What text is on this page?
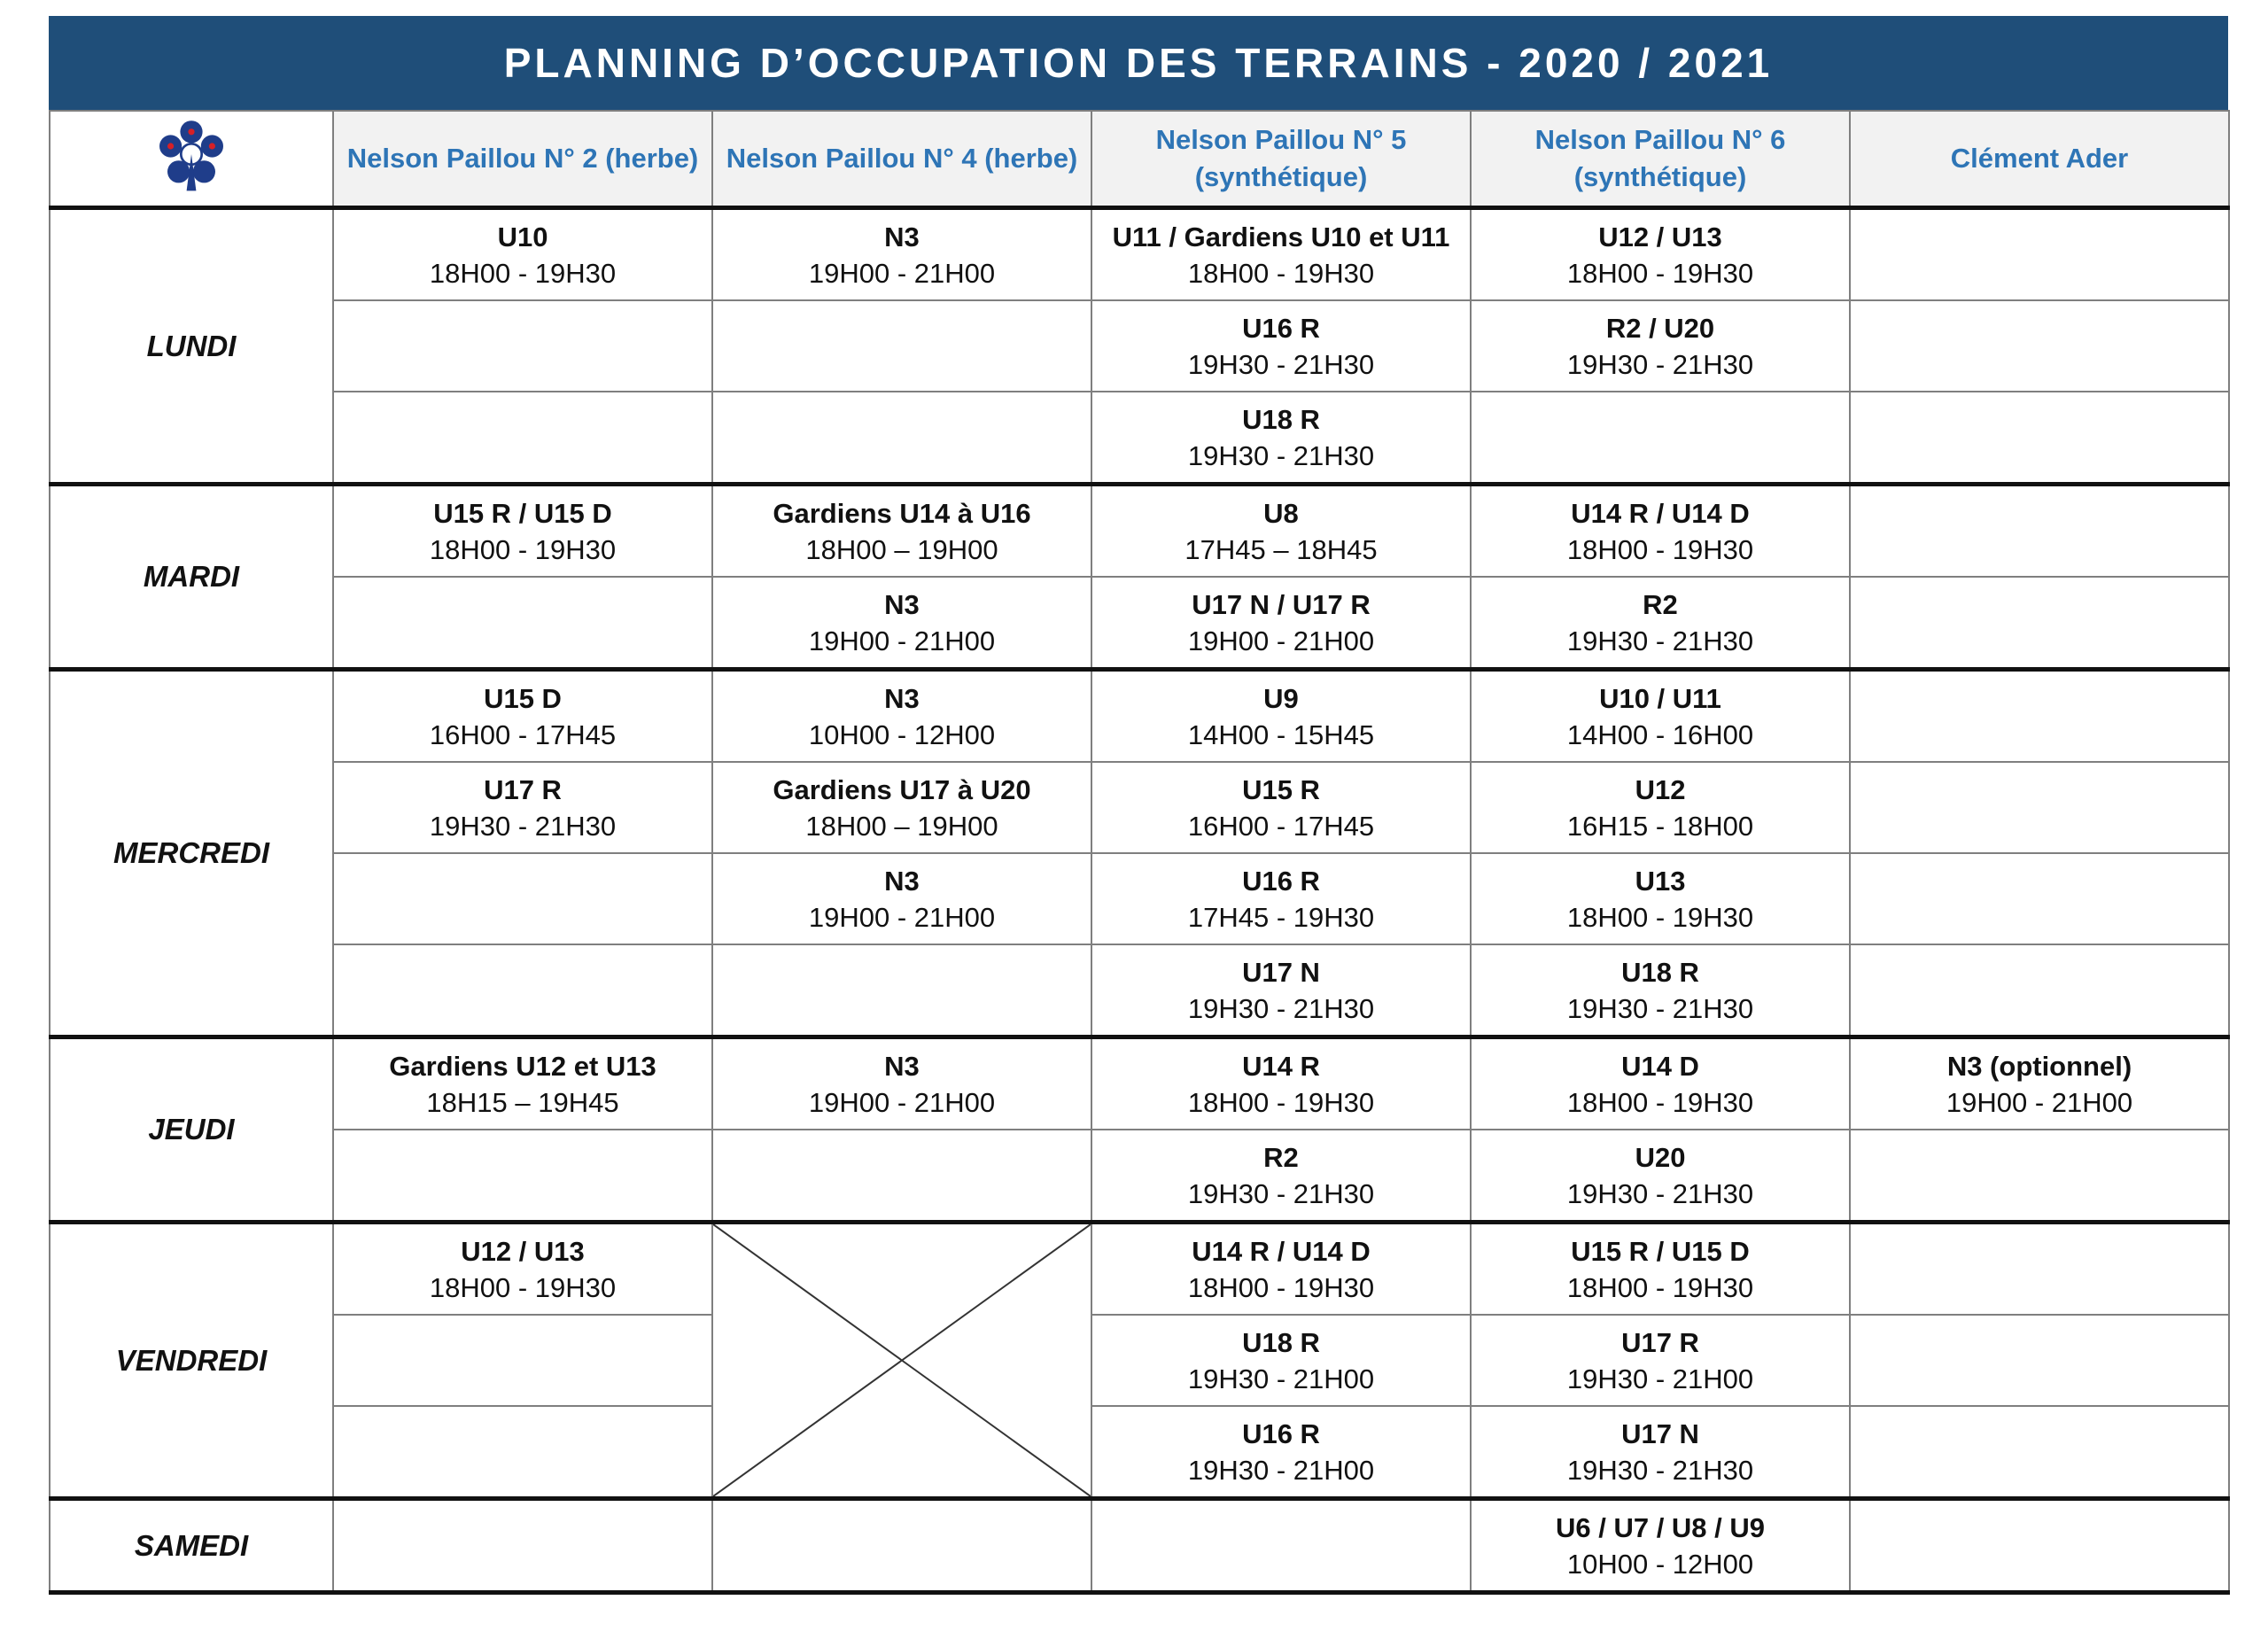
PLANNING D’OCCUPATION DES TERRAINS - 2020 / 2021
	Nelson Paillou N° 2 (herbe)	Nelson Paillou N° 4 (herbe)	Nelson Paillou N° 5
(synthétique)	Nelson Paillou N° 6
(synthétique)	Clément Ader
LUNDI	U10
18H00 - 19H30	N3
19H00 - 21H00	U11 / Gardiens U10 et U11
18H00 - 19H30	U12 / U13
18H00 - 19H30	

			U16 R
19H30 - 21H30	R2 / U20
19H30 - 21H30	

			U18 R
19H30 - 21H30		

MARDI	U15 R / U15 D
18H00 - 19H30	Gardiens U14 à U16
18H00 – 19H00	U8
17H45 – 18H45	U14 R / U14 D
18H00 - 19H30	

		N3
19H00 - 21H00	U17 N / U17 R
19H00 - 21H00	R2
19H30 - 21H30	

MERCREDI	U15 D
16H00 - 17H45	N3
10H00 - 12H00	U9
14H00 - 15H45	U10 / U11
14H00 - 16H00	

	U17 R
19H30 - 21H30	Gardiens U17 à U20
18H00 – 19H00	U15 R
16H00 - 17H45	U12
16H15 - 18H00	

		N3
19H00 - 21H00	U16 R
17H45 - 19H30	U13
18H00 - 19H30	

			U17 N
19H30 - 21H30	U18 R
19H30 - 21H30	

JEUDI	Gardiens U12 et U13
18H15 – 19H45	N3
19H00 - 21H00	U14 R
18H00 - 19H30	U14 D
18H00 - 19H30	N3 (optionnel)
19H00 - 21H00

			R2
19H30 - 21H30	U20
19H30 - 21H30	

VENDREDI	U12 / U13
18H00 - 19H30		U14 R / U14 D
18H00 - 19H30	U15 R / U15 D
18H00 - 19H30	

			U18 R
19H30 - 21H00	U17 R
19H30 - 21H00	

			U16 R
19H30 - 21H00	U17 N
19H30 - 21H30	

SAMEDI				U6 / U7 / U8 / U9
10H00 - 12H00	
